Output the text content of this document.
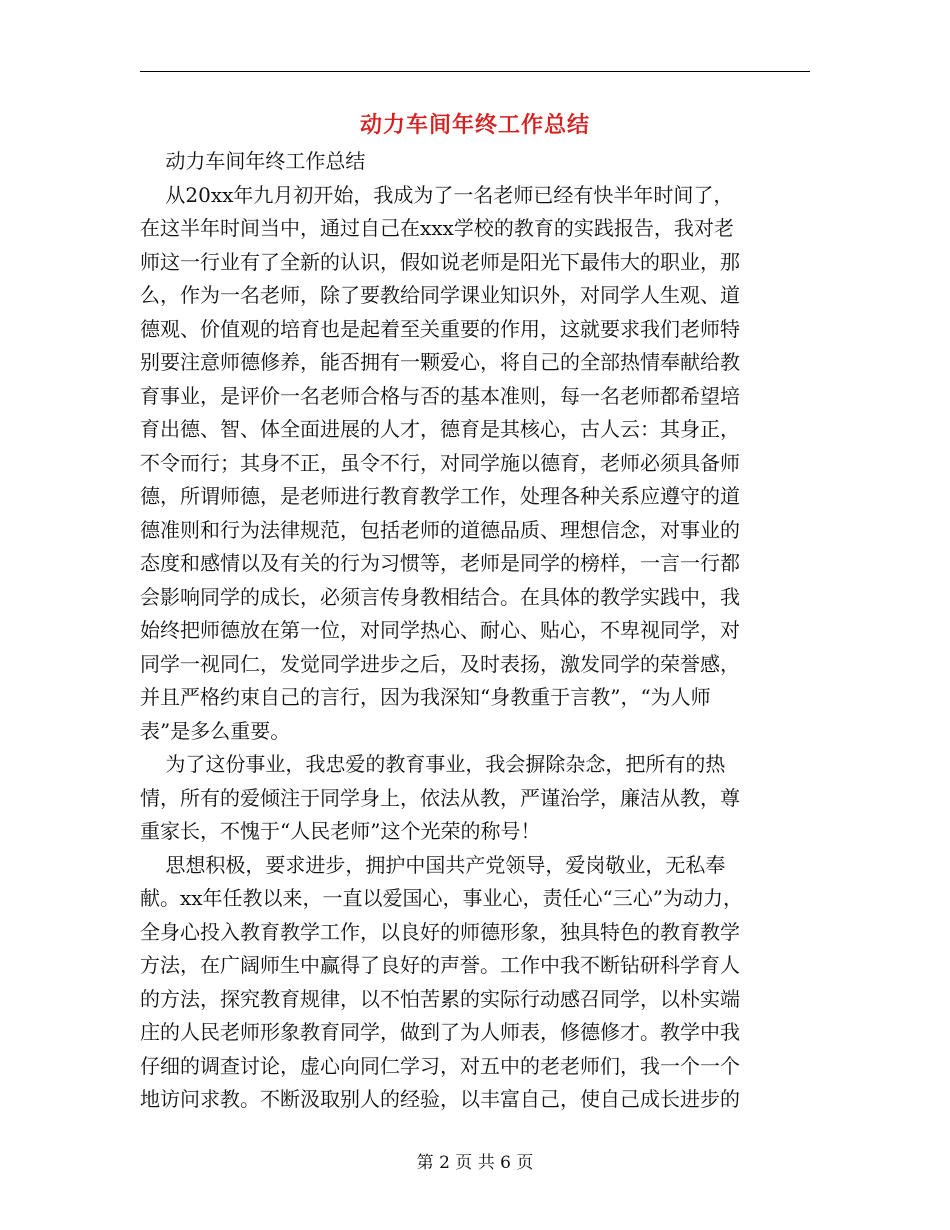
动力车间年终工作总结

动力车间年终工作总结

从20xx年九月初开始，我成为了一名老师已经有快半年时间了，

在这半年时间当中，通过自己在xxx学校的教育的实践报告，我对老

师这一行业有了全新的认识，假如说老师是阳光下最伟大的职业，那

么，作为一名老师，除了要教给同学课业知识外，对同学人生观、道

德观、价值观的培育也是起着至关重要的作用，这就要求我们老师特

别要注意师德修养，能否拥有一颗爱心，将自己的全部热情奉献给教

育事业，是评价一名老师合格与否的基本准则，每一名老师都希望培

育出德、智、体全面进展的人才，德育是其核心，古人云：其身正，

不令而行；其身不正，虽令不行，对同学施以德育，老师必须具备师

德，所谓师德，是老师进行教育教学工作，处理各种关系应遵守的道

德准则和行为法律规范，包括老师的道德品质、理想信念，对事业的

态度和感情以及有关的行为习惯等，老师是同学的榜样，一言一行都

会影响同学的成长，必须言传身教相结合。在具体的教学实践中，我

始终把师德放在第一位，对同学热心、耐心、贴心，不卑视同学，对

同学一视同仁，发觉同学进步之后，及时表扬，激发同学的荣誉感，

并且严格约束自己的言行，因为我深知“身教重于言教”，“为人师

表”是多么重要。

为了这份事业，我忠爱的教育事业，我会摒除杂念，把所有的热

情，所有的爱倾注于同学身上，依法从教，严谨治学，廉洁从教，尊

重家长，不愧于“人民老师”这个光荣的称号！

思想积极，要求进步，拥护中国共产党领导，爱岗敬业，无私奉

献。xx年任教以来，一直以爱国心，事业心，责任心“三心”为动力，

全身心投入教育教学工作，以良好的师德形象，独具特色的教育教学

方法，在广阔师生中赢得了良好的声誉。工作中我不断钻研科学育人

的方法，探究教育规律，以不怕苦累的实际行动感召同学，以朴实端

庄的人民老师形象教育同学，做到了为人师表，修德修才。教学中我

仔细的调查讨论，虚心向同仁学习，对五中的老老师们，我一个一个

地访问求教。不断汲取别人的经验，以丰富自己，使自己成长进步的

第 2 页 共 6 页
